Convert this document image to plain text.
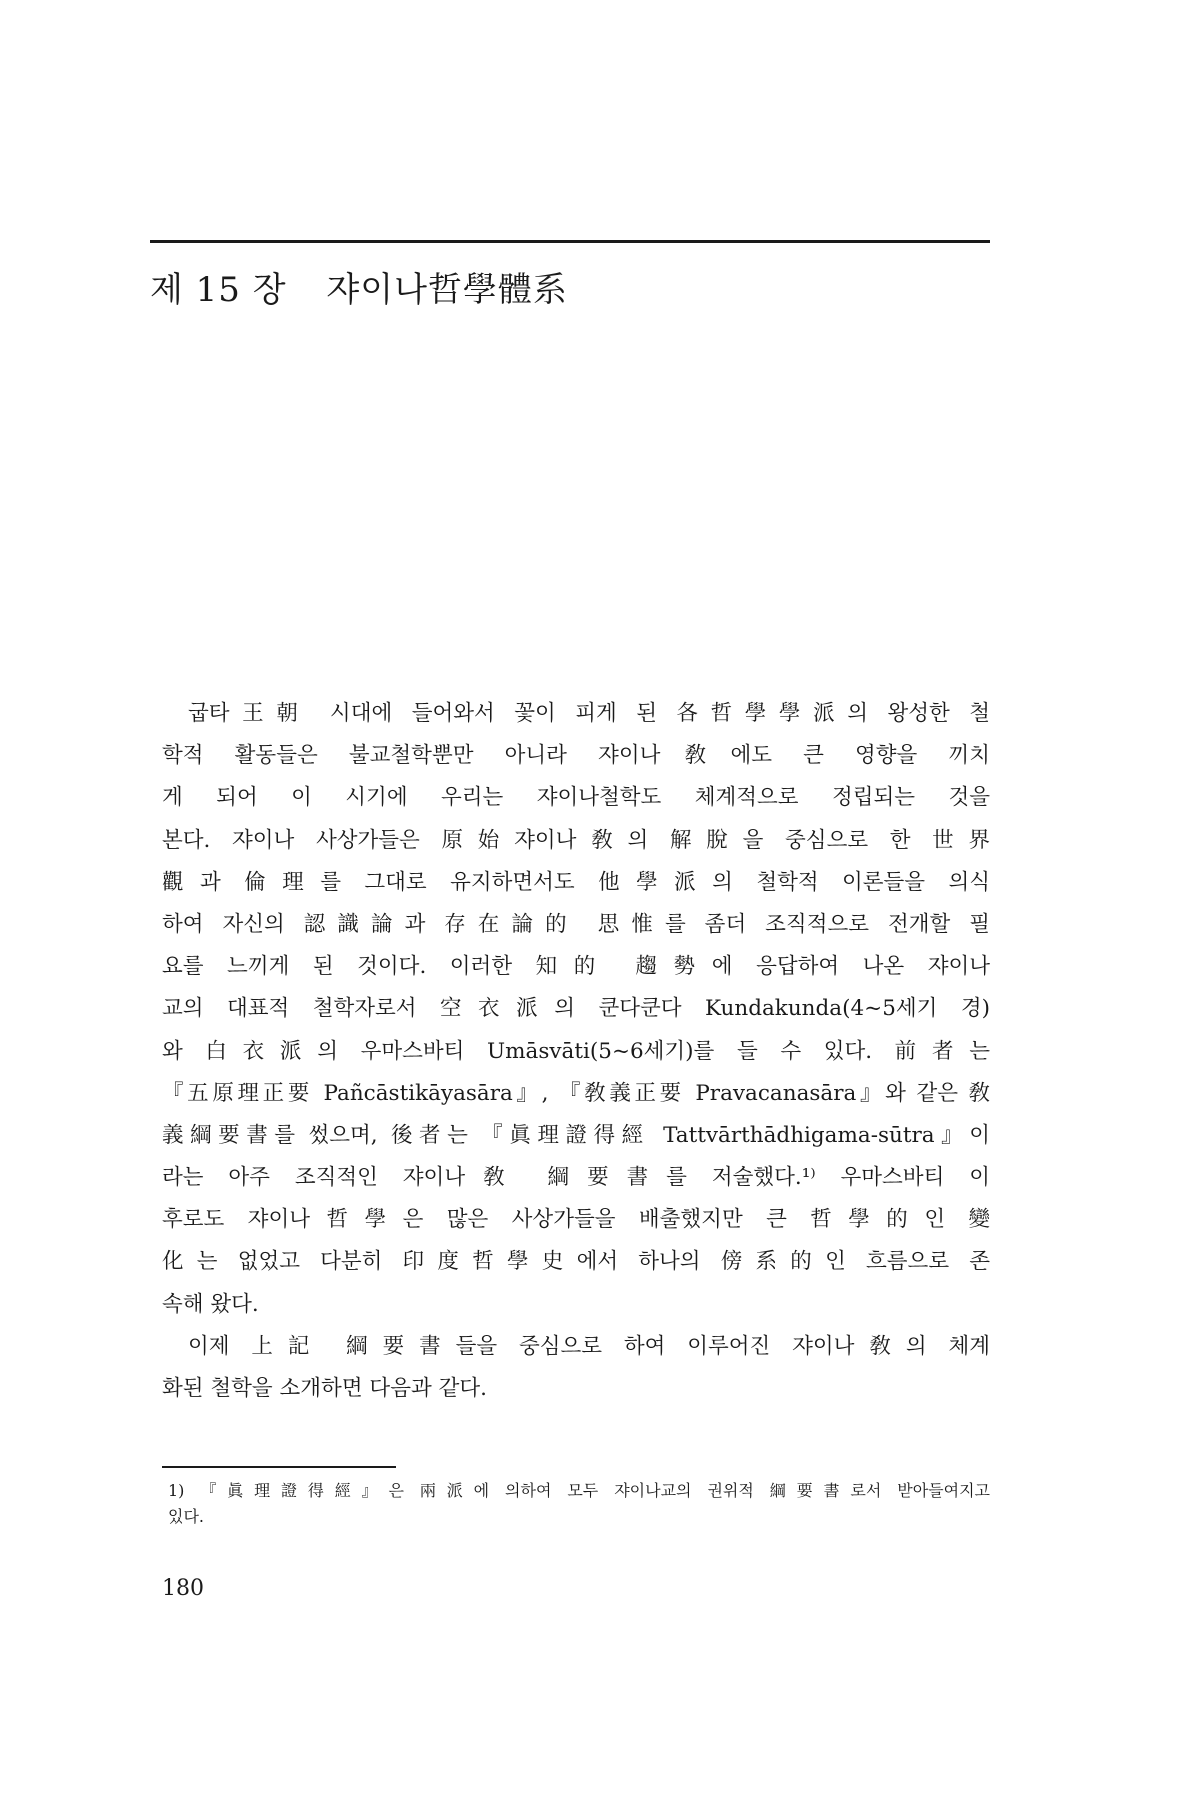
제 15 장 쟈이나哲學體系
굽타王朝 시대에 들어와서 꽃이 피게 된 各哲學學派의 왕성한 철
학적 활동들은 불교철학뿐만 아니라 쟈이나敎에도 큰 영향을 끼치
게 되어 이 시기에 우리는 쟈이나철학도 체계적으로 정립되는 것을
본다. 쟈이나 사상가들은 原始쟈이나敎의 解脫을 중심으로 한 世界
觀과 倫理를 그대로 유지하면서도 他學派의 철학적 이론들을 의식
하여 자신의 認識論과 存在論的 思惟를 좀더 조직적으로 전개할 필
요를 느끼게 된 것이다. 이러한 知的 趨勢에 응답하여 나온 쟈이나
교의 대표적 철학자로서 空衣派의 쿤다쿤다 Kundakunda(4~5세기 경)
와 白衣派의 우마스바티 Umāsvāti(5~6세기)를 들 수 있다. 前者는
『五原理正要 Pañcāstikāyasāra』, 『敎義正要 Pravacanasāra』와 같은 敎
義綱要書를 썼으며, 後者는 『眞理證得經 Tattvārthādhigama-sūtra』이
라는 아주 조직적인 쟈이나敎 綱要書를 저술했다.¹⁾ 우마스바티 이
후로도 쟈이나哲學은 많은 사상가들을 배출했지만 큰 哲學的인 變
化는 없었고 다분히 印度哲學史에서 하나의 傍系的인 흐름으로 존
속해 왔다.
이제 上記 綱要書들을 중심으로 하여 이루어진 쟈이나敎의 체계
화된 철학을 소개하면 다음과 같다.
1) 『眞理證得經』은 兩派에 의하여 모두 쟈이나교의 권위적 綱要書로서 받아들여지고
있다.
180
